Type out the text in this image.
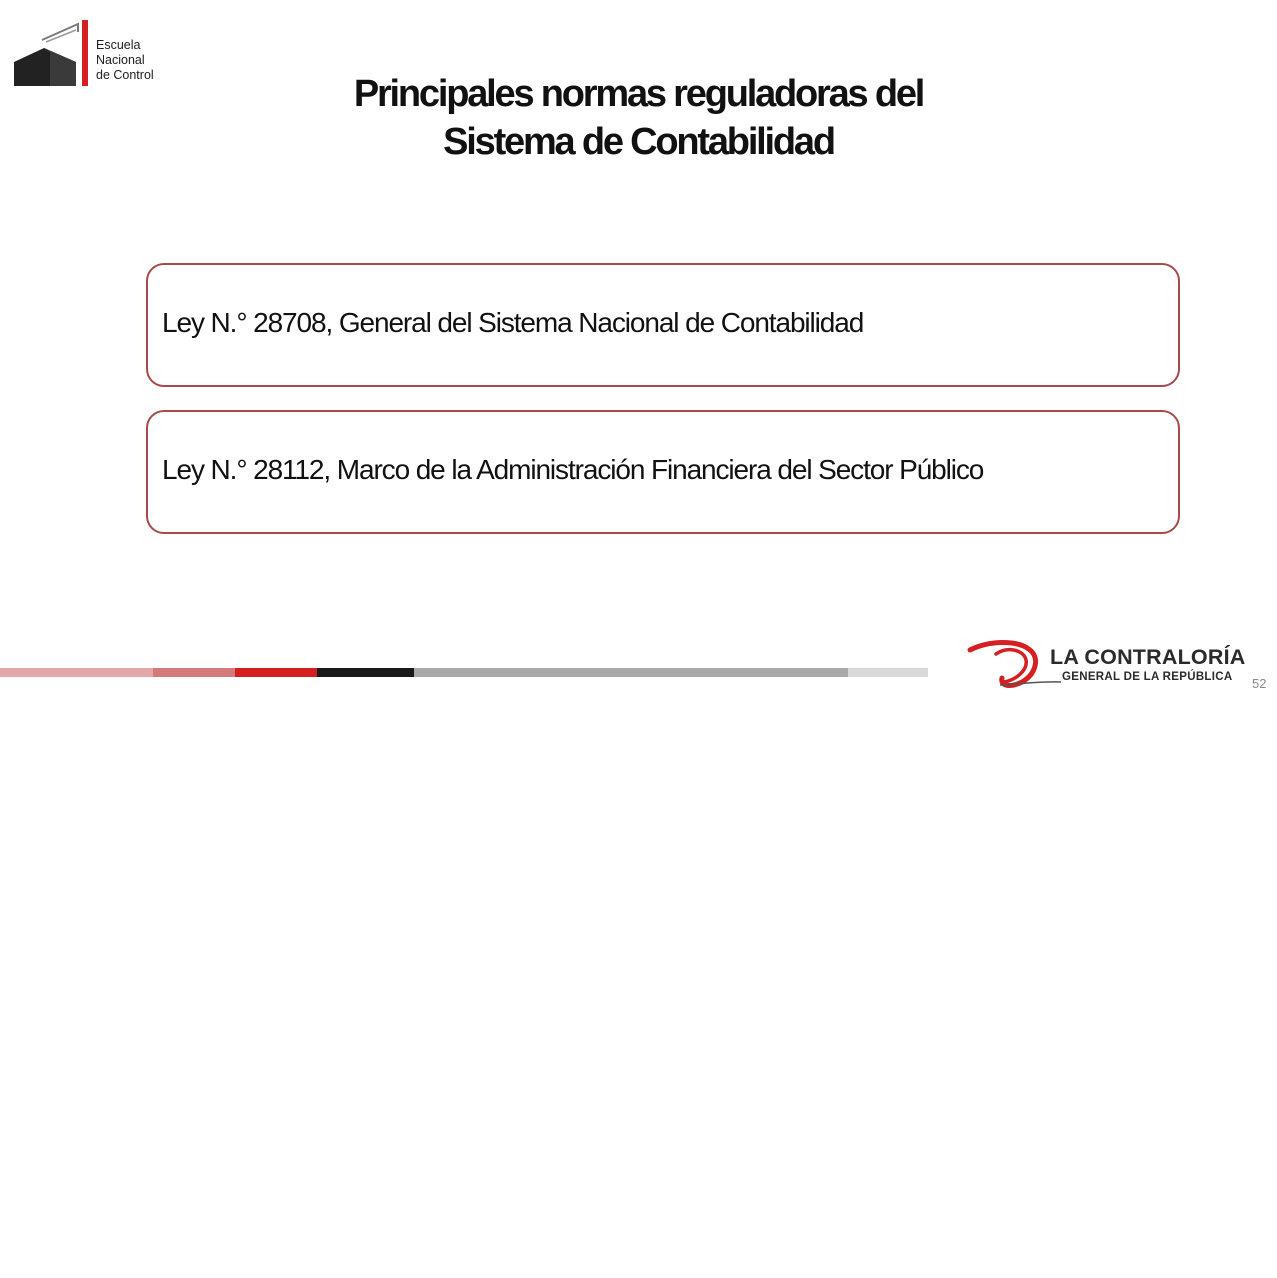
Escuela
Nacional
de Control	Principales normas reguladoras del
Sistema de Contabilidad
Ley N.° 28708, General del Sistema Nacional de Contabilidad
Ley N.° 28112, Marco de la Administración Financiera del Sector Público
LA CONTRALORÍA
GENERAL DE LA REPÚBLICA 52
